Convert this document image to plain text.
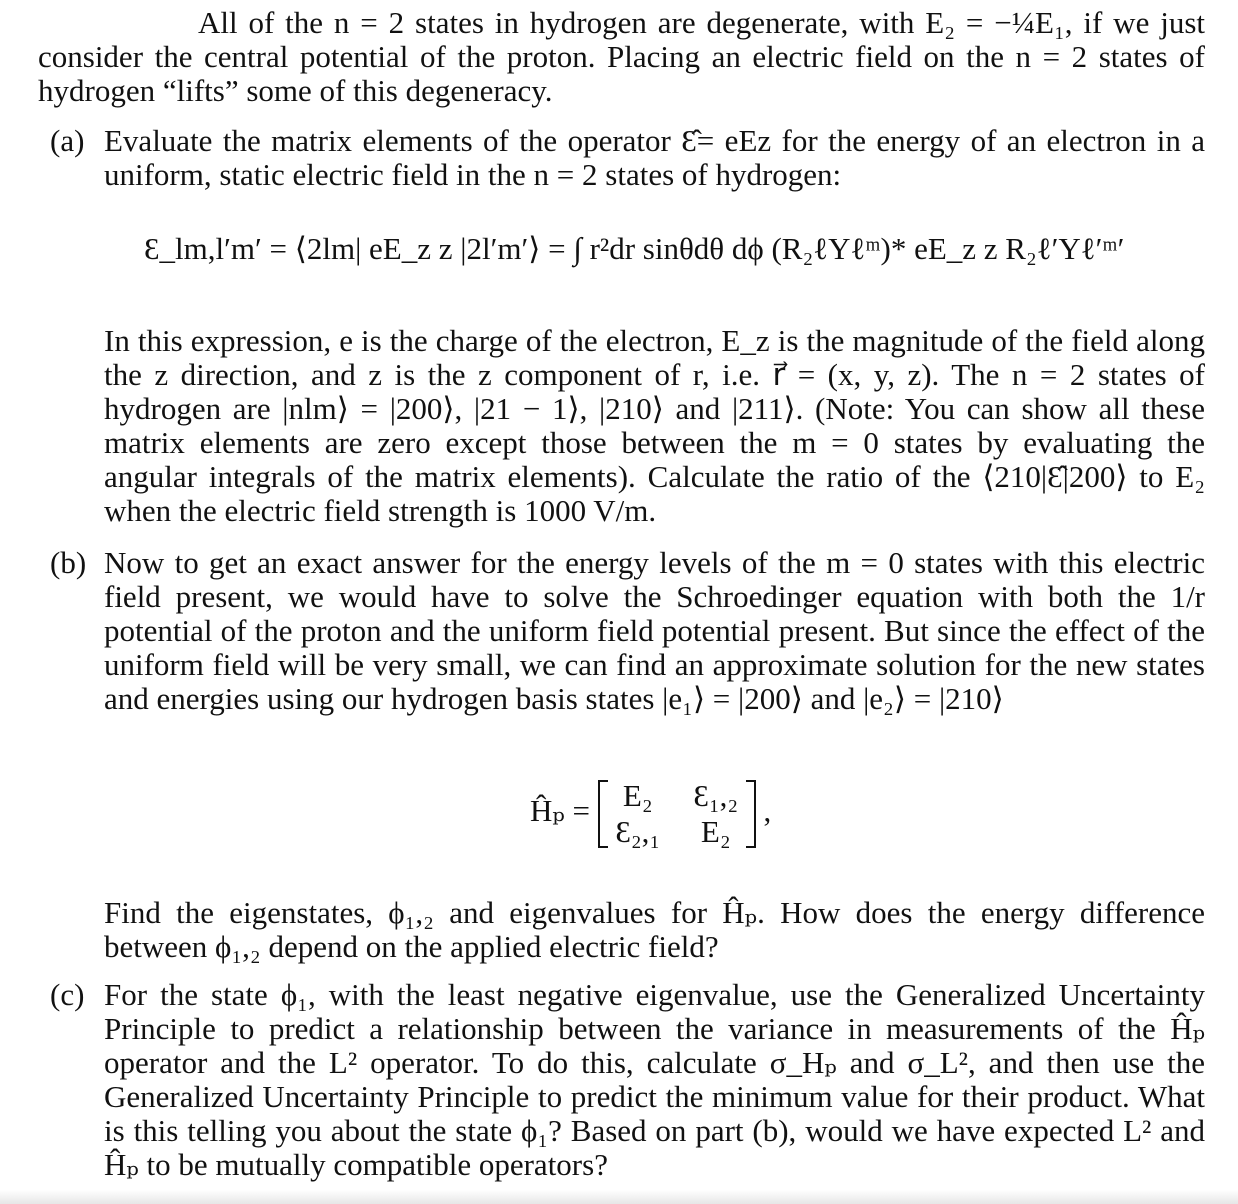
All of the n = 2 states in hydrogen are degenerate, with E₂ = −¼E₁, if we just consider the central potential of the proton. Placing an electric field on the n = 2 states of hydrogen “lifts” some of this degeneracy.
(a) Evaluate the matrix elements of the operator Ɛ̂= eEz for the energy of an electron in a uniform, static electric field in the n = 2 states of hydrogen:
Ɛ_lm,l′m′ = ⟨2lm| eE_z z |2l′m′⟩ = ∫ r²dr sinθdθ dϕ (R₂ℓYℓᵐ)* eE_z z R₂ℓ′Yℓ′ᵐ′
In this expression, e is the charge of the electron, E_z is the magnitude of the field along the z direction, and z is the z component of r, i.e. r⃗ = (x, y, z). The n = 2 states of hydrogen are |nlm⟩ = |200⟩, |21 − 1⟩, |210⟩ and |211⟩. (Note: You can show all these matrix elements are zero except those between the m = 0 states by evaluating the angular integrals of the matrix elements). Calculate the ratio of the ⟨210|Ɛ̂|200⟩ to E₂ when the electric field strength is 1000 V/m.
(b) Now to get an exact answer for the energy levels of the m = 0 states with this electric field present, we would have to solve the Schroedinger equation with both the 1/r potential of the proton and the uniform field potential present. But since the effect of the uniform field will be very small, we can find an approximate solution for the new states and energies using our hydrogen basis states |e₁⟩ = |200⟩ and |e₂⟩ = |210⟩
Ĥₚ =	E₂	Ɛ₁,₂
Ɛ₂,₁	E₂
,
Find the eigenstates, ϕ₁,₂ and eigenvalues for Ĥₚ. How does the energy difference between ϕ₁,₂ depend on the applied electric field?
(c) For the state ϕ₁, with the least negative eigenvalue, use the Generalized Uncertainty Principle to predict a relationship between the variance in measurements of the Ĥₚ operator and the L² operator. To do this, calculate σ_Hₚ and σ_L², and then use the Generalized Uncertainty Principle to predict the minimum value for their product. What is this telling you about the state ϕ₁? Based on part (b), would we have expected L² and Ĥₚ to be mutually compatible operators?
